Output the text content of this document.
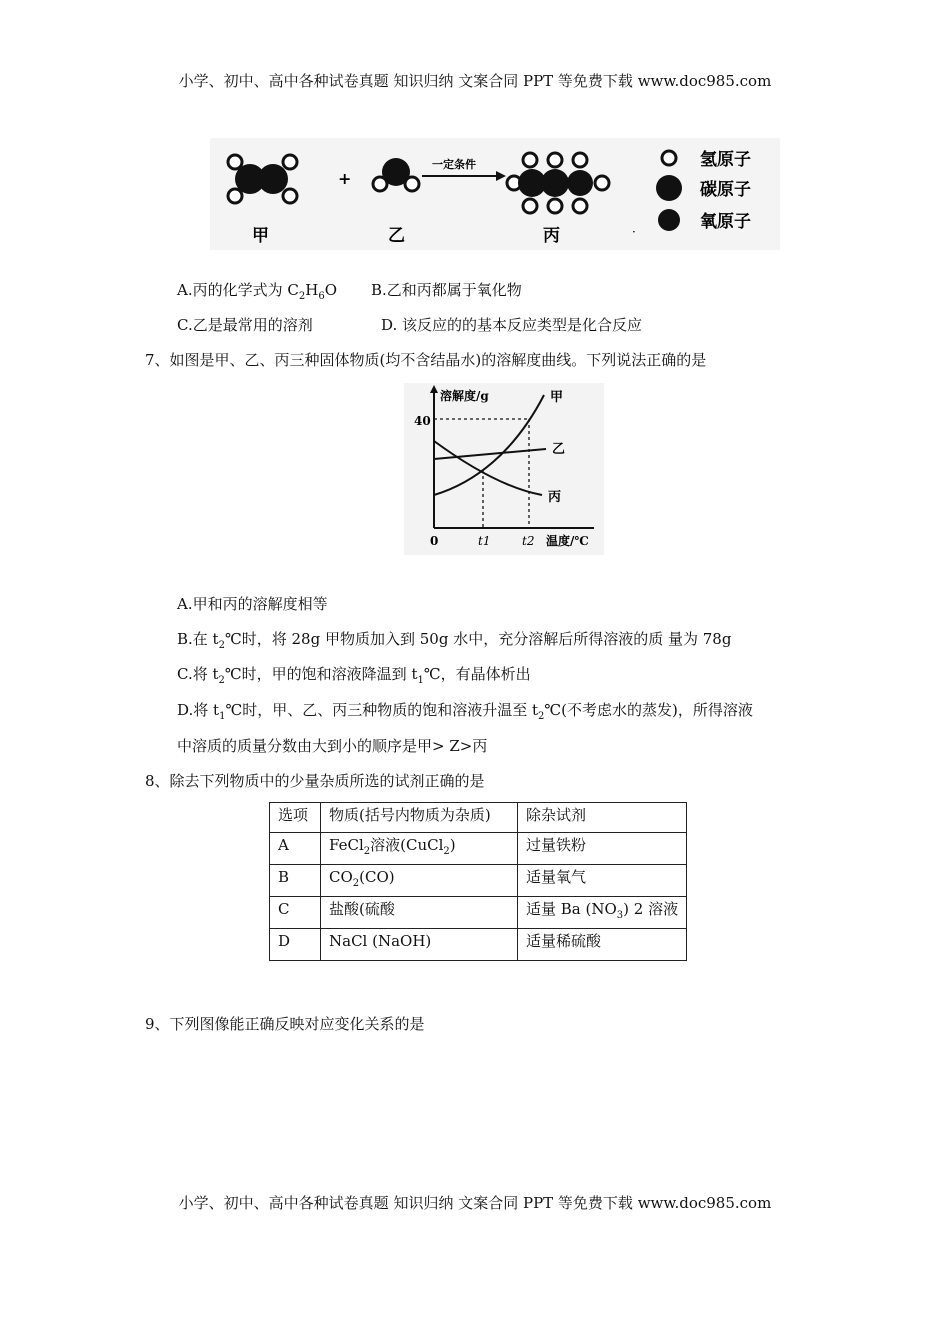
小学、初中、高中各种试卷真题 知识归纳 文案合同 PPT 等免费下载 www.doc985.com
+
一定条件	氢原子
碳原子
氧原子
·
甲	乙	丙
A.丙的化学式为 $C_2H_6O$ B.乙和丙都属于氧化物
C.乙是最常用的溶剂	D. 该反应的的基本反应类型是化合反应
7、如图是甲、乙、丙三种固体物质(均不含结晶水)的溶解度曲线。下列说法正确的是
溶解度/g
40
0	t1	t2 温度/℃
甲
乙
丙
A.甲和丙的溶解度相等
B.在 $t_2℃$时，将 28g 甲物质加入到 50g 水中，充分溶解后所得溶液的质 量为 78g
C.将 $t_2℃$时，甲的饱和溶液降温到 $t_1℃$，有晶体析出
D.将 $t_1℃$时，甲、乙、丙三种物质的饱和溶液升温至 $t_2℃$(不考虑水的蒸发)，所得溶液
中溶质的质量分数由大到小的顺序是甲> Z>丙
8、除去下列物质中的少量杂质所选的试剂正确的是
选项	物质(括号内物质为杂质)	除杂试剂
A	FeCl$_2$溶液(CuCl$_2$)	过量铁粉
B	$CO_2(CO)$	适量氧气
C	盐酸(硫酸	适量 Ba $(NO_3)$ 2 溶液
D	NaCl (NaOH)	适量稀硫酸
9、下列图像能正确反映对应变化关系的是
小学、初中、高中各种试卷真题 知识归纳 文案合同 PPT 等免费下载 www.doc985.com
